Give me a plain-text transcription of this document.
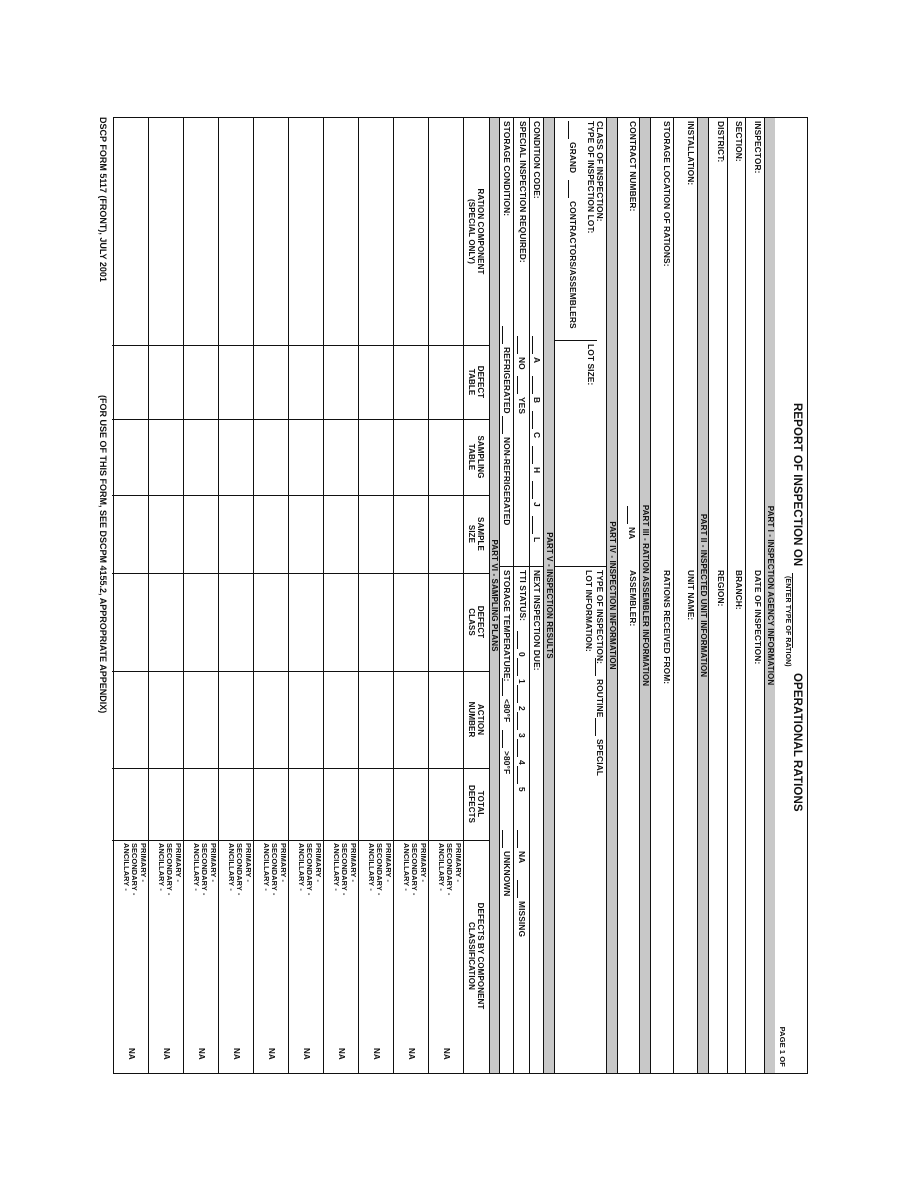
REPORT OF INSPECTION ON
(ENTER TYPE OF RATION)
OPERATIONAL RATIONS
PAGE 1 OF
PART I - INSPECTION AGENCY INFORMATION
INSPECTOR:
DATE OF INSPECTION:
SECTION:
BRANCH:
DISTRICT:
REGION:
PART II - INSPECTED UNIT INFORMATION
INSTALLATION:
UNIT NAME:
STORAGE LOCATION OF RATIONS:
RATIONS RECEIVED FROM:
PART III - RATION ASSEMBLER INFORMATION
CONTRACT NUMBER:
NA
ASSEMBLER:
PART IV - INSPECTION INFORMATION
CLASS OF INSPECTION:
TYPE OF INSPECTION LOT:
LOT SIZE:
TYPE OF INSPECTION:
ROUTINE
SPECIAL
LOT INFORMATION:
GRAND
CONTRACTORS/ASSEMBLERS
PART V - INSPECTION RESULTS
CONDITION CODE:
A
B
C
H
J
L
NEXT INSPECTION DUE:
SPECIAL INSPECTION REQUIRED:
NO
YES
TTI STATUS:
0
1
2
3
4
5
NA
MISSING
STORAGE CONDITION:
REFRIGERATED
NON-REFRIGERATED
STORAGE TEMPERATURE:
<80°F
>80°F
UNKNOWN
PART VI - SAMPLING PLANS
RATION COMPONENT
(SPECIAL ONLY)
DEFECT
TABLE
SAMPLING
TABLE
SAMPLE
SIZE
DEFECT
CLASS
ACTION
NUMBER
TOTAL
DEFECTS
DEFECTS BY COMPONENT
CLASSIFICATION
PRIMARY -
SECONDARY -
ANCILLARY -
NA
PRIMARY -
SECONDARY -
ANCILLARY -
NA
PRIMARY -
SECONDARY -
ANCILLARY -
NA
PRIMARY -
SECONDARY -
ANCILLARY -
NA
PRIMARY -
SECONDARY -
ANCILLARY -
NA
PRIMARY -
SECONDARY -
ANCILLARY -
NA
PRIMARY -
SECONDARY -
ANCILLARY -
NA
PRIMARY -
SECONDARY -
ANCILLARY -
NA
PRIMARY -
SECONDARY -
ANCILLARY -
NA
PRIMARY -
SECONDARY -
ANCILLARY -
NA
DSCP FORM 5117 (FRONT), JULY 2001
(FOR USE OF THIS FORM, SEE DSCPM 4155.2, APPROPRIATE APPENDIX)
